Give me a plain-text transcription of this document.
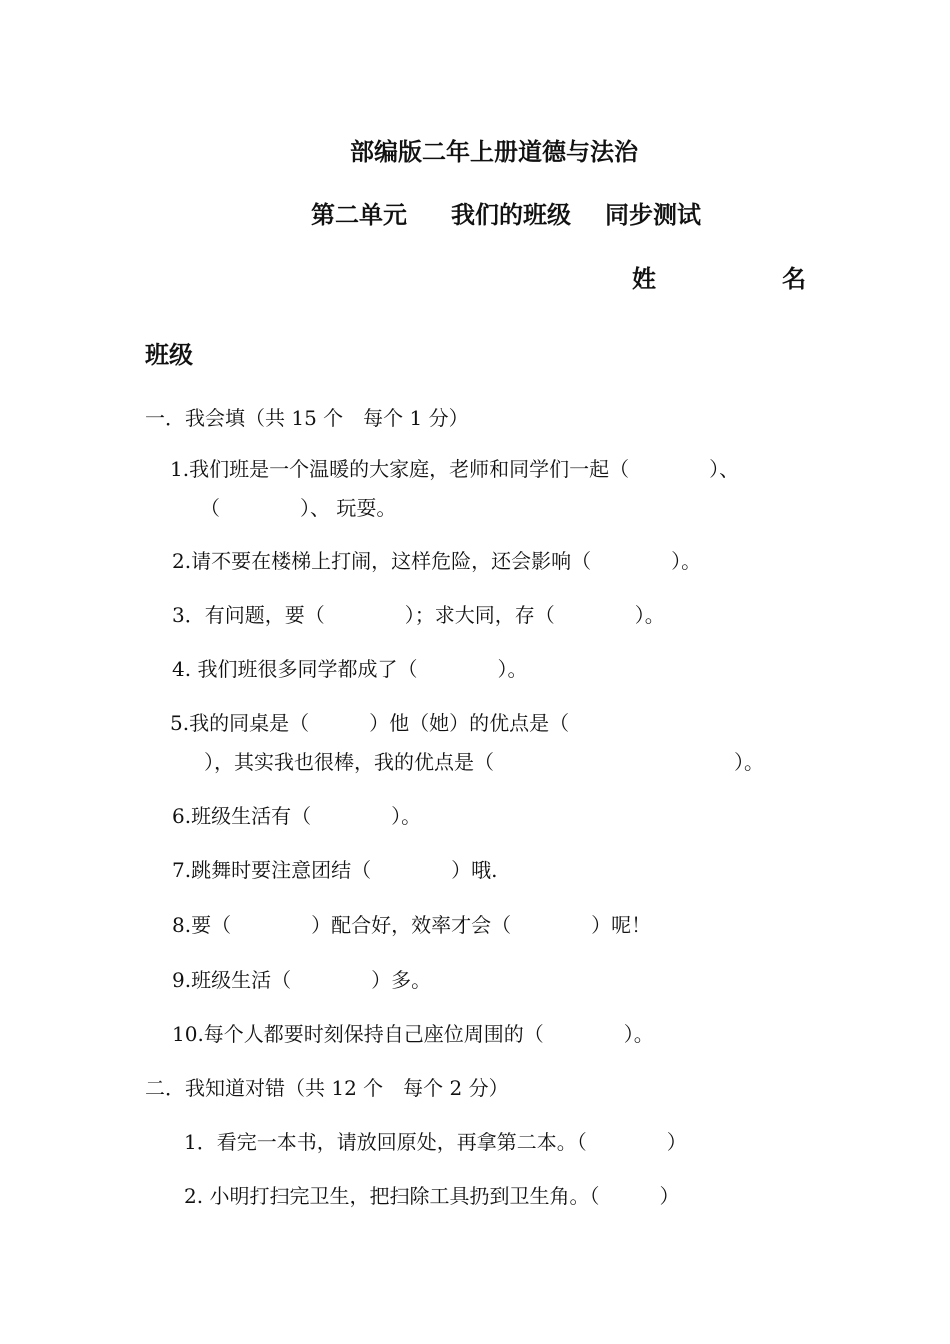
部编版二年上册道德与法治
第二单元 我们的班级 同步测试
姓	名
班级
一．我会填（共 15 个　每个 1 分）
1.我们班是一个温暖的大家庭，老师和同学们一起（　　　　）、
（　　　　）、 玩耍。
2.请不要在楼梯上打闹，这样危险，还会影响（　　　　）。
3．有问题，要（　　　　）；求大同，存（　　　　）。
4. 我们班很多同学都成了（　　　　）。
5.我的同桌是（　　　）他（她）的优点是（
），其实我也很棒，我的优点是（　　　　　　　　　　　　）。
6.班级生活有（　　　　）。
7.跳舞时要注意团结（　　　　）哦.
8.要（　　　　）配合好，效率才会（　　　　）呢！
9.班级生活（　　　　）多。
10.每个人都要时刻保持自己座位周围的（　　　　）。
二．我知道对错（共 12 个　每个 2 分）
1．看完一本书，请放回原处，再拿第二本。（　　　　）
2. 小明打扫完卫生，把扫除工具扔到卫生角。（　　　）
